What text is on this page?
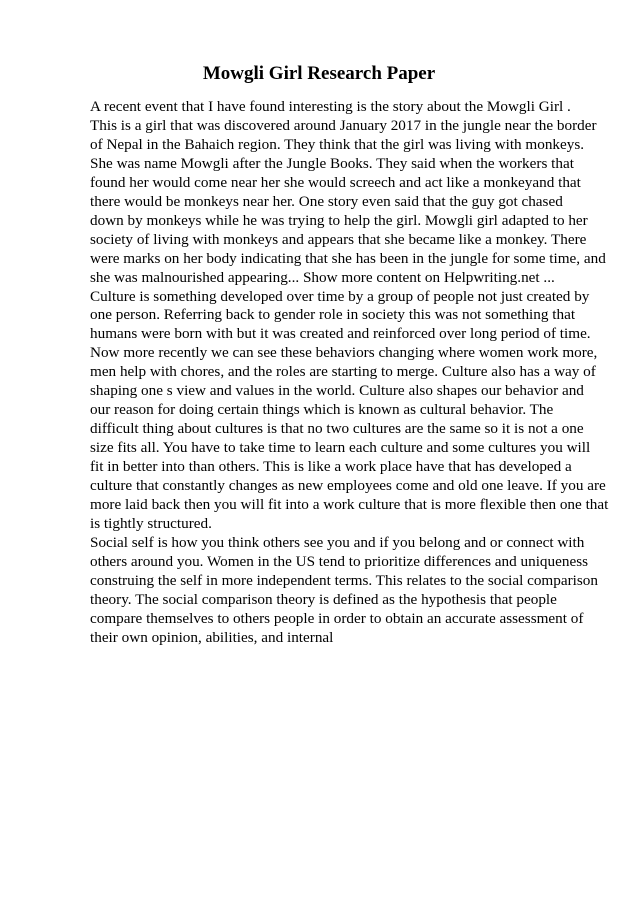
Mowgli Girl Research Paper
A recent event that I have found interesting is the story about the Mowgli Girl .
This is a girl that was discovered around January 2017 in the jungle near the border
of Nepal in the Bahaich region. They think that the girl was living with monkeys.
She was name Mowgli after the Jungle Books. They said when the workers that
found her would come near her she would screech and act like a monkeyand that
there would be monkeys near her. One story even said that the guy got chased
down by monkeys while he was trying to help the girl. Mowgli girl adapted to her
society of living with monkeys and appears that she became like a monkey. There
were marks on her body indicating that she has been in the jungle for some time, and
she was malnourished appearing... Show more content on Helpwriting.net ...
Culture is something developed over time by a group of people not just created by
one person. Referring back to gender role in society this was not something that
humans were born with but it was created and reinforced over long period of time.
Now more recently we can see these behaviors changing where women work more,
men help with chores, and the roles are starting to merge. Culture also has a way of
shaping one s view and values in the world. Culture also shapes our behavior and
our reason for doing certain things which is known as cultural behavior. The
difficult thing about cultures is that no two cultures are the same so it is not a one
size fits all. You have to take time to learn each culture and some cultures you will
fit in better into than others. This is like a work place have that has developed a
culture that constantly changes as new employees come and old one leave. If you are
more laid back then you will fit into a work culture that is more flexible then one that
is tightly structured.
Social self is how you think others see you and if you belong and or connect with
others around you. Women in the US tend to prioritize differences and uniqueness
construing the self in more independent terms. This relates to the social comparison
theory. The social comparison theory is defined as the hypothesis that people
compare themselves to others people in order to obtain an accurate assessment of
their own opinion, abilities, and internal
